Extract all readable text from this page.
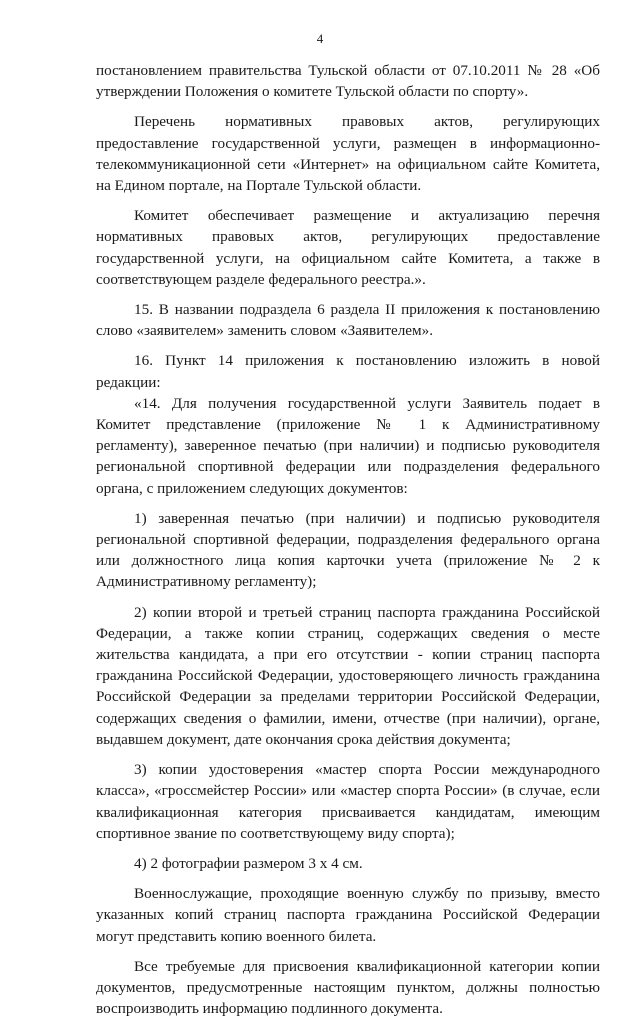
4

постановлением правительства Тульской области от 07.10.2011 № 28 «Об утверждении Положения о комитете Тульской области по спорту».

Перечень нормативных правовых актов, регулирующих предоставление государственной услуги, размещен в информационно-телекоммуникационной сети «Интернет» на официальном сайте Комитета, на Едином портале, на Портале Тульской области.

Комитет обеспечивает размещение и актуализацию перечня нормативных правовых актов, регулирующих предоставление государственной услуги, на официальном сайте Комитета, а также в соответствующем разделе федерального реестра.».

15. В названии подраздела 6 раздела II приложения к постановлению слово «заявителем» заменить словом «Заявителем».

16. Пункт 14 приложения к постановлению изложить в новой редакции:

«14. Для получения государственной услуги Заявитель подает в Комитет представление (приложение № 1 к Административному регламенту), заверенное печатью (при наличии) и подписью руководителя региональной спортивной федерации или подразделения федерального органа, с приложением следующих документов:

1) заверенная печатью (при наличии) и подписью руководителя региональной спортивной федерации, подразделения федерального органа или должностного лица копия карточки учета (приложение № 2 к Административному регламенту);

2) копии второй и третьей страниц паспорта гражданина Российской Федерации, а также копии страниц, содержащих сведения о месте жительства кандидата, а при его отсутствии - копии страниц паспорта гражданина Российской Федерации, удостоверяющего личность гражданина Российской Федерации за пределами территории Российской Федерации, содержащих сведения о фамилии, имени, отчестве (при наличии), органе, выдавшем документ, дате окончания срока действия документа;

3) копии удостоверения «мастер спорта России международного класса», «гроссмейстер России» или «мастер спорта России» (в случае, если квалификационная категория присваивается кандидатам, имеющим спортивное звание по соответствующему виду спорта);

4) 2 фотографии размером 3 х 4 см.

Военнослужащие, проходящие военную службу по призыву, вместо указанных копий страниц паспорта гражданина Российской Федерации могут представить копию военного билета.

Все требуемые для присвоения квалификационной категории копии документов, предусмотренные настоящим пунктом, должны полностью воспроизводить информацию подлинного документа.
